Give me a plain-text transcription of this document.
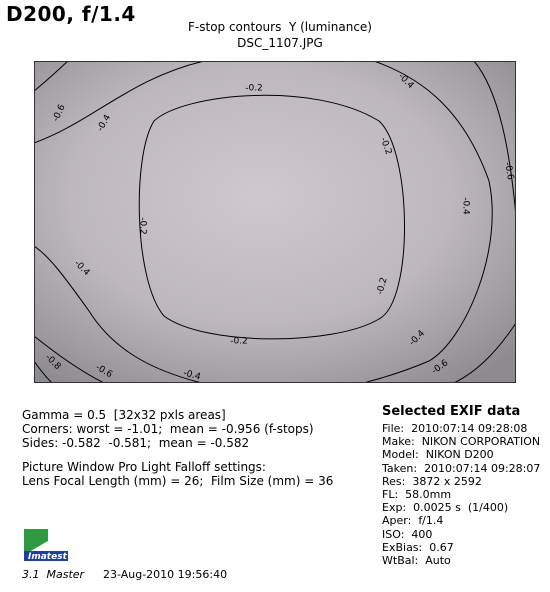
D200, f/1.4
F-stop contours  Y (luminance)
DSC_1107.JPG
-0.2
-0.2
-0.2
-0.2
-0.2
-0.4
-0.4
-0.4
-0.4
-0.4
-0.4
-0.6
-0.6
-0.6	-0.6
-0.8
Gamma = 0.5  [32x32 pxls areas]
Corners: worst = -1.01;  mean = -0.956 (f-stops)
Sides: -0.582  -0.581;  mean = -0.582
Picture Window Pro Light Falloff settings:
Lens Focal Length (mm) = 26;  Film Size (mm) = 36
Selected EXIF data
File:  2010:07:14 09:28:08
Make:  NIKON CORPORATION
Model:  NIKON D200
Taken:  2010:07:14 09:28:07
Res:  3872 x 2592
FL:  58.0mm
Exp:  0.0025 s  (1/400)
Aper:  f/1.4
ISO:  400
ExBias:  0.67
WtBal:  Auto
Imatest
3.1  Master 23-Aug-2010 19:56:40
